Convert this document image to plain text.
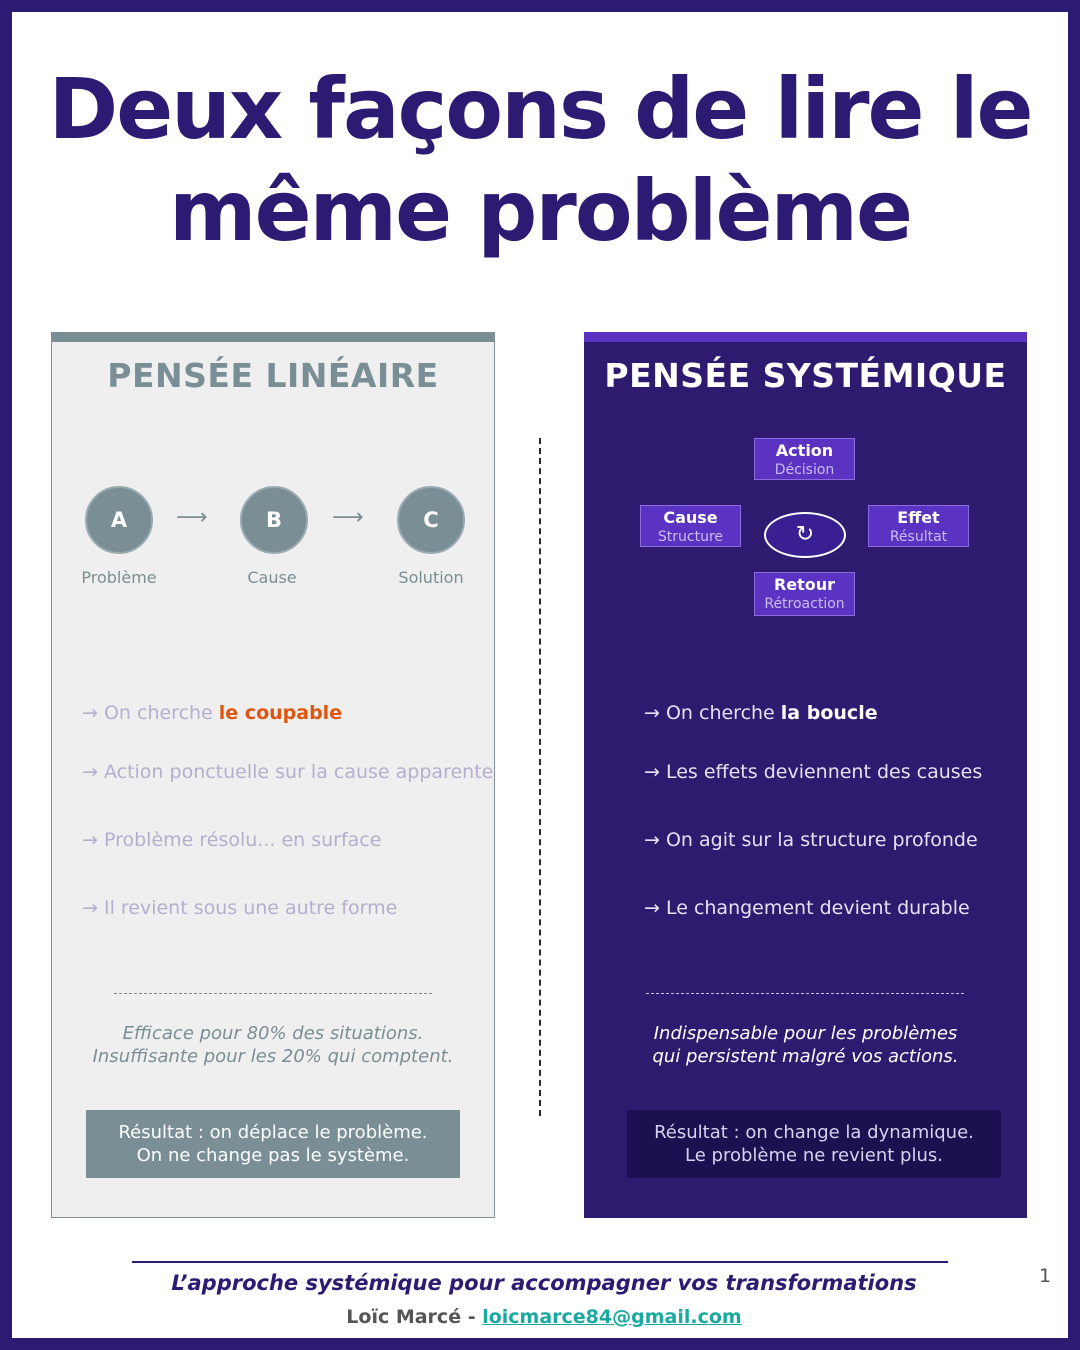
Deux façons de lire le
même problème
PENSÉE LINÉAIRE
A	B	C
⟶	⟶
Problème	Cause	Solution
→ On cherche le coupable
→ Action ponctuelle sur la cause apparente
→ Problème résolu... en surface
→ Il revient sous une autre forme
Efficace pour 80% des situations.
Insuffisante pour les 20% qui comptent.
Résultat : on déplace le problème.
On ne change pas le système.
PENSÉE SYSTÉMIQUE
Action
Décision
Cause
Structure
Effet
Résultat
Retour
Rétroaction
↻
→ On cherche la boucle
→ Les effets deviennent des causes
→ On agit sur la structure profonde
→ Le changement devient durable
Indispensable pour les problèmes
qui persistent malgré vos actions.
Résultat : on change la dynamique.
Le problème ne revient plus.
L’approche systémique pour accompagner vos transformations
Loïc Marcé - loicmarce84@gmail.com
1
